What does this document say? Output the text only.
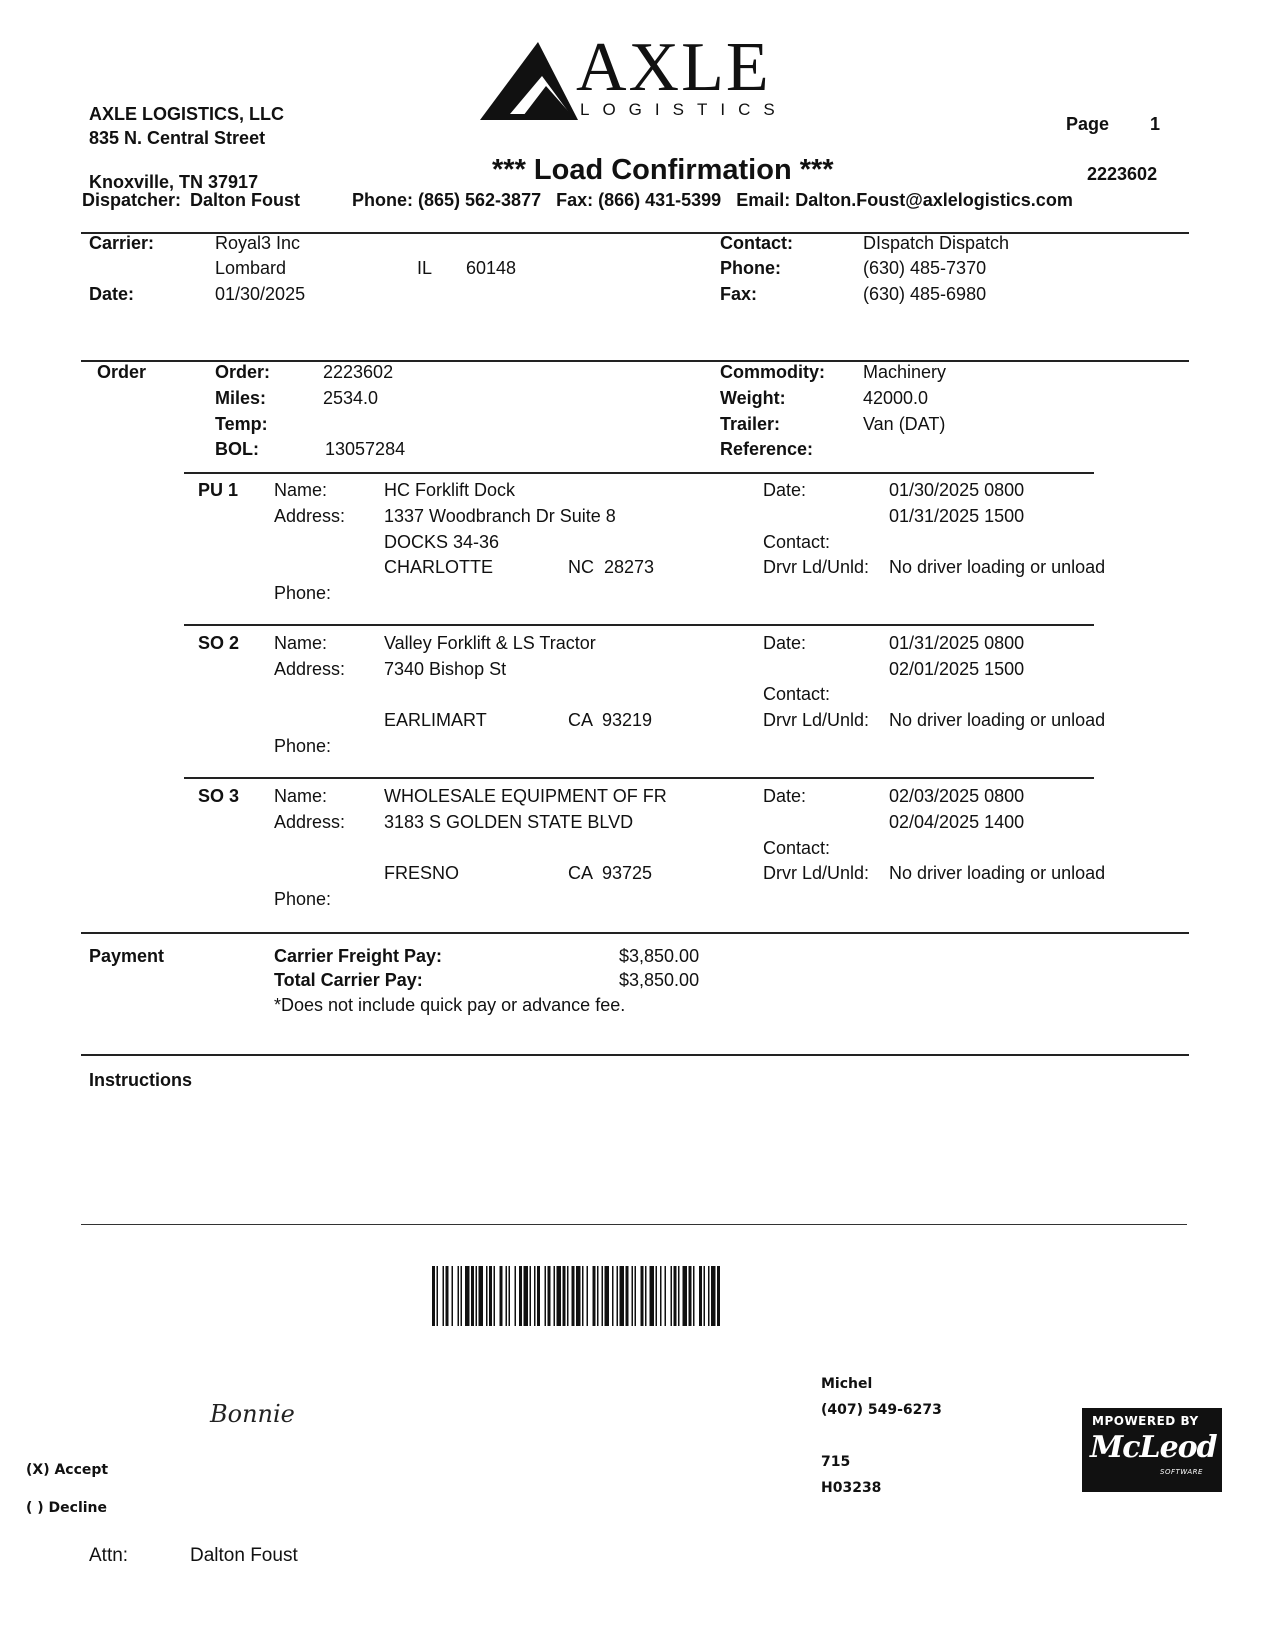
AXLE
LOGISTICS
AXLE LOGISTICS, LLC
835 N. Central Street
Knoxville, TN 37917
Page 1
*** Load Confirmation ***	2223602
Dispatcher: Dalton Foust	Phone: (865) 562-3877   Fax: (866) 431-5399   Email: Dalton.Foust@axlelogistics.com
Carrier:	Royal3 Inc
Lombard	IL 60148
Date:	01/30/2025
Contact:	DIspatch Dispatch
Phone:	(630) 485-7370
Fax:	(630) 485-6980
Order	Order:	2223602
Miles:	2534.0
Temp:
BOL:	13057284
Commodity: Machinery
Weight:	42000.0
Trailer:	Van (DAT)
Reference:
PU 1 Name:	HC Forklift Dock
Address: 1337 Woodbranch Dr Suite 8
DOCKS 34-36
CHARLOTTE	NC  28273
Phone:
Date:	01/30/2025 0800
01/31/2025 1500
Contact:
Drvr Ld/Unld: No driver loading or unload
SO 2 Name:	Valley Forklift & LS Tractor
Address: 7340 Bishop St
EARLIMART	CA  93219
Phone:
Date:	01/31/2025 0800
02/01/2025 1500
Contact:
Drvr Ld/Unld: No driver loading or unload
SO 3 Name:	WHOLESALE EQUIPMENT OF FR
Address: 3183 S GOLDEN STATE BLVD
FRESNO	CA  93725
Phone:
Date:	02/03/2025 0800
02/04/2025 1400
Contact:
Drvr Ld/Unld: No driver loading or unload
Payment	Carrier Freight Pay:	$3,850.00
Total Carrier Pay:	$3,850.00
*Does not include quick pay or advance fee.
Instructions
Bonnie
(X) Accept
( ) Decline
Attn:	Dalton Foust
Michel
(407) 549-6273
715
H03238
MPOWERED BY
McLeod
SOFTWARE
